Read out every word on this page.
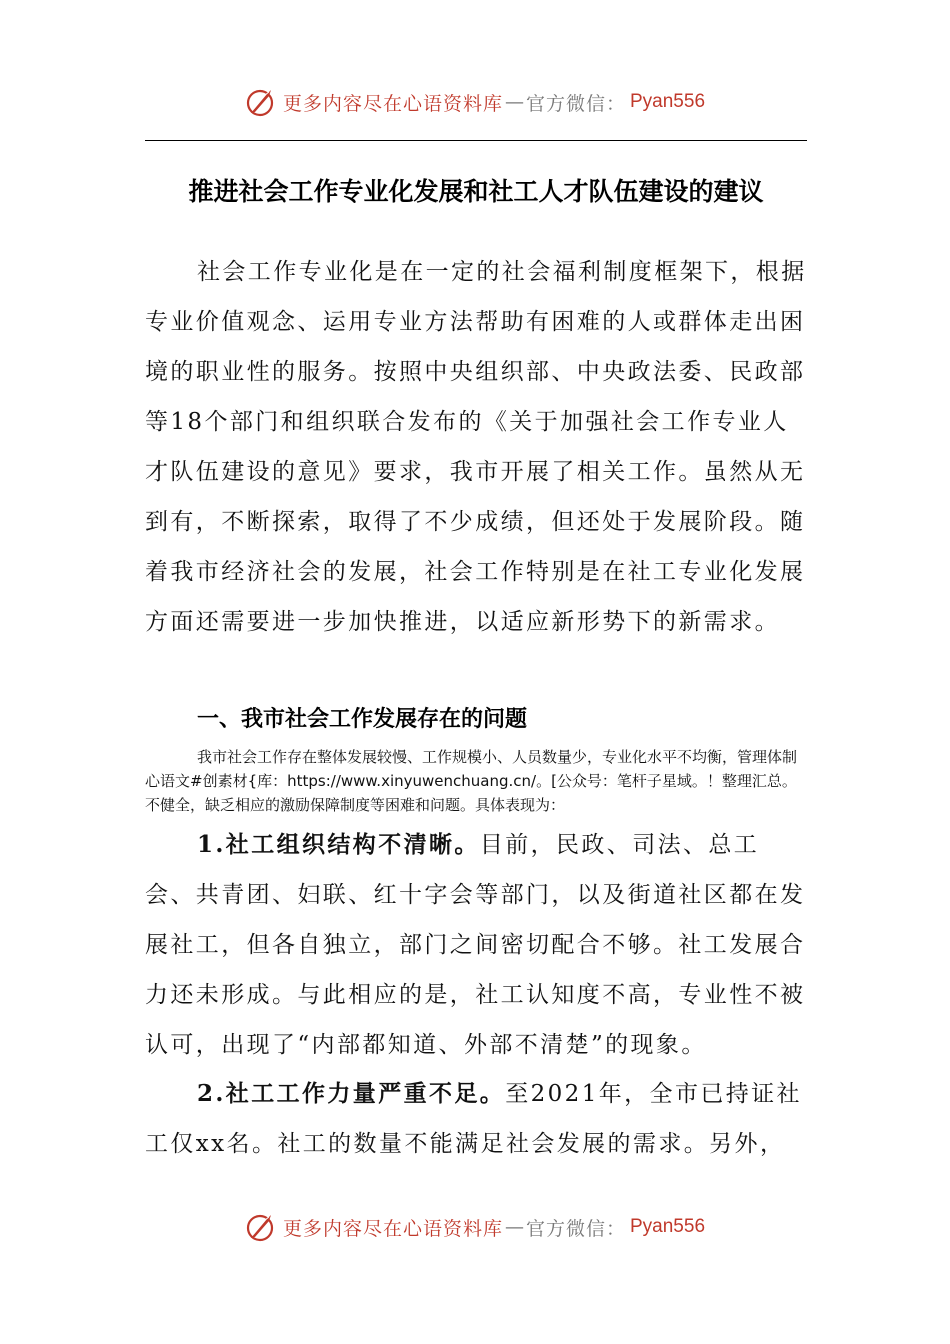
更多内容尽在心语资料库 — 官方微信： Pyan556
推进社会工作专业化发展和社工人才队伍建设的建议

社会工作专业化是在一定的社会福利制度框架下，根据专业价值观念、运用专业方法帮助有困难的人或群体走出困境的职业性的服务。按照中央组织部、中央政法委、民政部等18个部门和组织联合发布的《关于加强社会工作专业人才队伍建设的意见》要求，我市开展了相关工作。虽然从无到有，不断探索，取得了不少成绩，但还处于发展阶段。随着我市经济社会的发展，社会工作特别是在社工专业化发展方面还需要进一步加快推进，以适应新形势下的新需求。

一、我市社会工作发展存在的问题

我市社会工作存在整体发展较慢、工作规模小、人员数量少，专业化水平不均衡，管理体制心语文#创素材{库：https://www.xinyuwenchuang.cn/。[公众号：笔杆子星域。！整理汇总。不健全，缺乏相应的激励保障制度等困难和问题。具体表现为：

1.社工组织结构不清晰。目前，民政、司法、总工会、共青团、妇联、红十字会等部门，以及街道社区都在发展社工，但各自独立，部门之间密切配合不够。社工发展合力还未形成。与此相应的是，社工认知度不高，专业性不被认可，出现了“内部都知道、外部不清楚”的现象。

2.社工工作力量严重不足。至2021年，全市已持证社工仅xx名。社工的数量不能满足社会发展的需求。另外，

更多内容尽在心语资料库 — 官方微信： Pyan556
